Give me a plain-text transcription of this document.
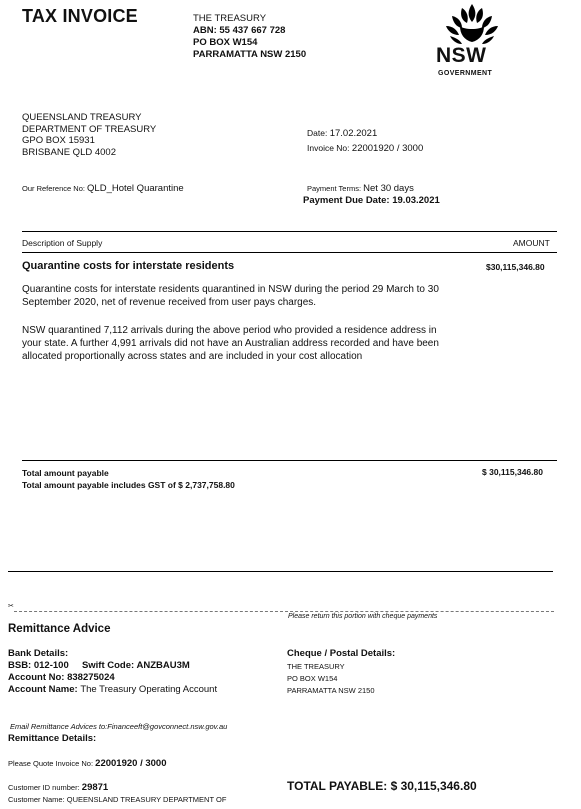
TAX INVOICE	THE TREASURY
ABN: 55 437 667 728
PO BOX W154
PARRAMATTA NSW 2150	NSW
GOVERNMENT
QUEENSLAND TREASURY
DEPARTMENT OF TREASURY
GPO BOX 15931
BRISBANE QLD 4002
Date: 17.02.2021
Invoice No: 22001920 / 3000
Our Reference No: QLD_Hotel Quarantine	Payment Terms: Net 30 days
Payment Due Date: 19.03.2021
Description of Supply	AMOUNT
Quarantine costs for interstate residents	$30,115,346.80
Quarantine costs for interstate residents quarantined in NSW during the period 29 March to 30 September 2020, net of revenue received from user pays charges.
NSW quarantined 7,112 arrivals during the above period who provided a residence address in your state. A further 4,991 arrivals did not have an Australian address recorded and have been allocated proportionally across states and are included in your cost allocation
Total amount payable
Total amount payable includes GST of $ 2,737,758.80
$ 30,115,346.80
✂
Please return this portion with cheque payments
Remittance Advice
Bank Details:
BSB: 012-100 Swift Code: ANZBAU3M
Account No: 838275024
Account Name: The Treasury Operating Account
Cheque / Postal Details:
THE TREASURY
PO BOX W154
PARRAMATTA NSW 2150
Email Remittance Advices to:Financeeft@govconnect.nsw.gov.au
Remittance Details:
Please Quote Invoice No: 22001920 / 3000
Customer ID number: 29871
Customer Name: QUEENSLAND TREASURY DEPARTMENT OF
TOTAL PAYABLE: $ 30,115,346.80
